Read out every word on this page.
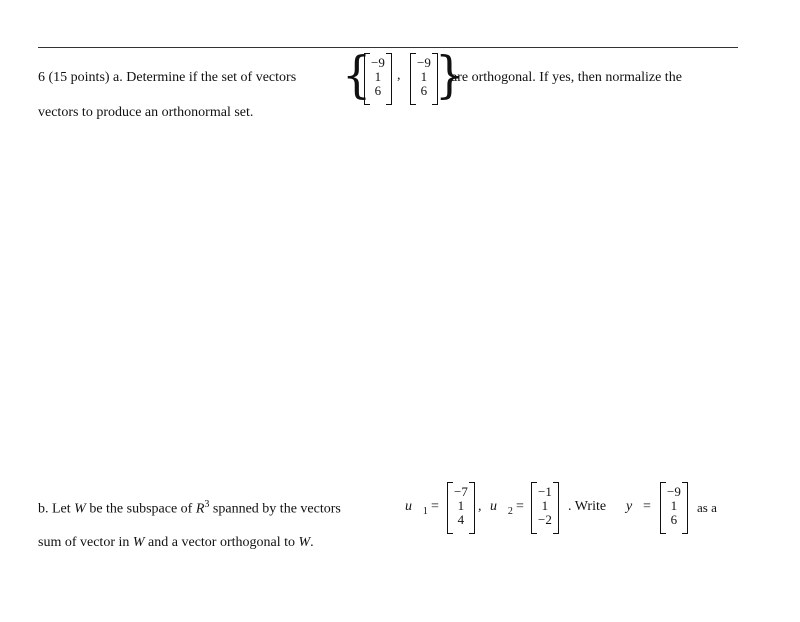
6 (15 points) a. Determine if the set of vectors { −9
1
6
,
−9
1
6 }
are orthogonal. If yes, then normalize the
vectors to produce an orthonormal set.
b. Let W be the subspace of $R^3$ spanned by the vectors	$u⃗_1$ =
−7
1
4
, $u⃗_2$ =
−1
1
−2
. Write y⃗ =
−9
1
6
as a
sum of vector in W and a vector orthogonal to W.
